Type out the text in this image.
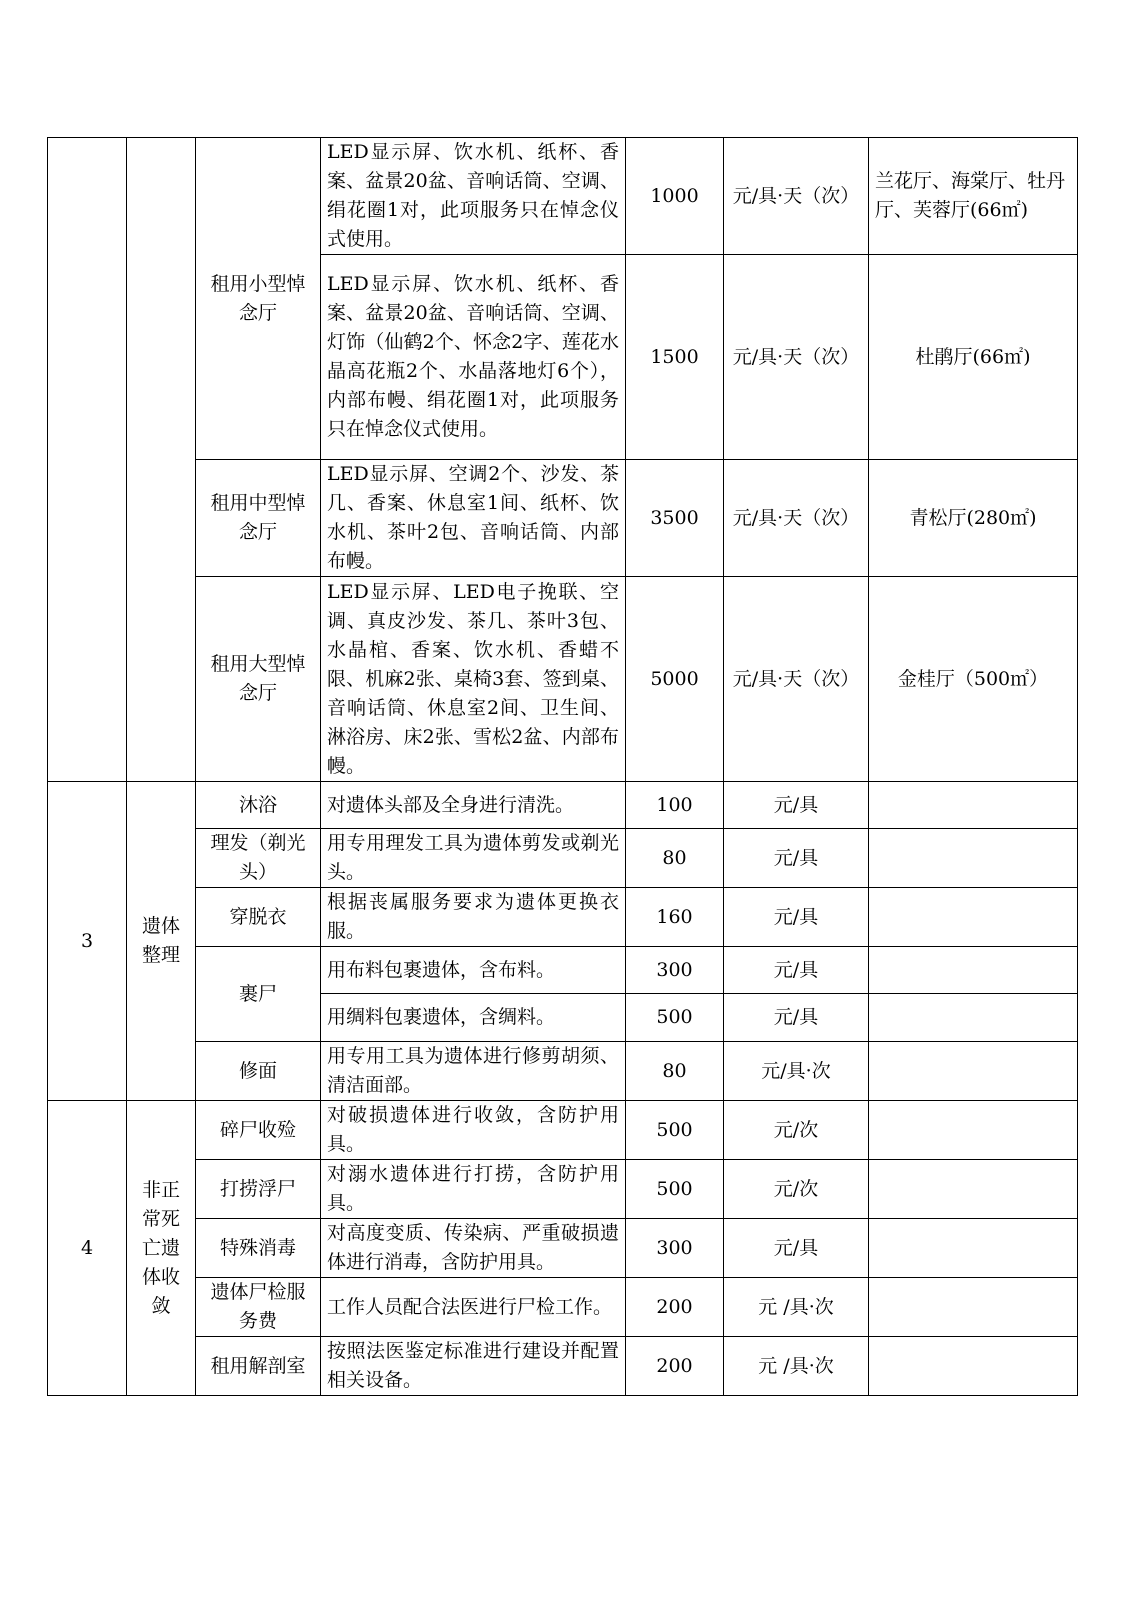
		租用小型悼念厅	LED显示屏、饮水机、纸杯、香案、盆景20盆、音响话筒、空调、绢花圈1对，此项服务只在悼念仪式使用。	1000	元/具·天（次）	兰花厅、海棠厅、牡丹厅、芙蓉厅(66㎡)
			LED显示屏、饮水机、纸杯、香案、盆景20盆、音响话筒、空调、灯饰（仙鹤2个、怀念2字、莲花水晶高花瓶2个、水晶落地灯6个），内部布幔、绢花圈1对，此项服务只在悼念仪式使用。	1500	元/具·天（次）	杜鹃厅(66㎡)
		租用中型悼念厅	LED显示屏、空调2个、沙发、茶几、香案、休息室1间、纸杯、饮水机、茶叶2包、音响话筒、内部布幔。	3500	元/具·天（次）	青松厅(280㎡)
		租用大型悼念厅	LED显示屏、LED电子挽联、空调、真皮沙发、茶几、茶叶3包、水晶棺、香案、饮水机、香蜡不限、机麻2张、桌椅3套、签到桌、音响话筒、休息室2间、卫生间、淋浴房、床2张、雪松2盆、内部布幔。	5000	元/具·天（次）	金桂厅（500㎡）
3	遗体整理	沐浴	对遗体头部及全身进行清洗。	100	元/具	
		理发（剃光头）	用专用理发工具为遗体剪发或剃光头。	80	元/具	
		穿脱衣	根据丧属服务要求为遗体更换衣服。	160	元/具	
		裹尸	用布料包裹遗体，含布料。	300	元/具	
			用绸料包裹遗体，含绸料。	500	元/具	
		修面	用专用工具为遗体进行修剪胡须、清洁面部。	80	元/具·次	
4	非正常死亡遗体收敛	碎尸收殓	对破损遗体进行收敛，含防护用具。	500	元/次	
		打捞浮尸	对溺水遗体进行打捞，含防护用具。	500	元/次	
		特殊消毒	对高度变质、传染病、严重破损遗体进行消毒，含防护用具。	300	元/具	
		遗体尸检服务费	工作人员配合法医进行尸检工作。	200	元 /具·次	
		租用解剖室	按照法医鉴定标准进行建设并配置相关设备。	200	元 /具·次	
